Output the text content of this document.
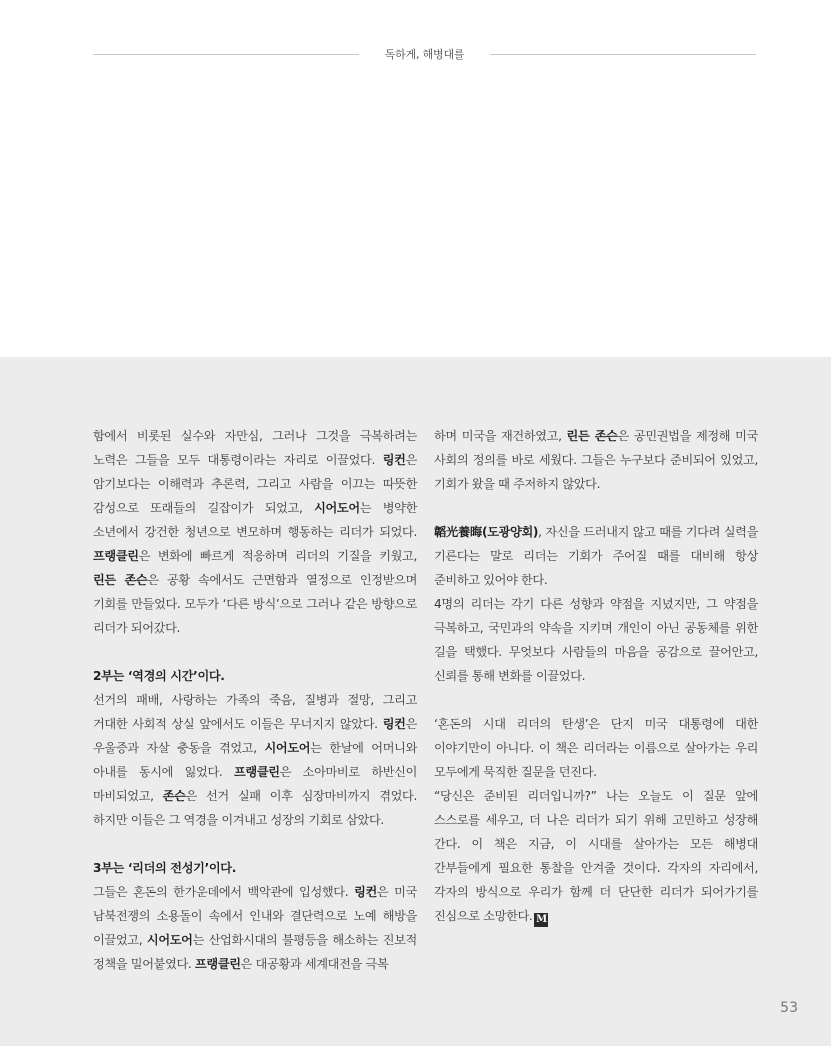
독하게, 해병대를

함에서 비롯된 실수와 자만심, 그러나 그것을 극복하려는 노력은 그들을 모두 대통령이라는 자리로 이끌었다. 링컨은 암기보다는 이해력과 추론력, 그리고 사람을 이끄는 따뜻한 감성으로 또래들의 길잡이가 되었고, 시어도어는 병약한 소년에서 강건한 청년으로 변모하며 행동하는 리더가 되었다. 프랭클린은 변화에 빠르게 적응하며 리더의 기질을 키웠고, 린든 존슨은 공황 속에서도 근면함과 열정으로 인정받으며 기회를 만들었다. 모두가 ‘다른 방식’으로 그러나 같은 방향으로 리더가 되어갔다.

2부는 ‘역경의 시간’이다.

선거의 패배, 사랑하는 가족의 죽음, 질병과 절망, 그리고 거대한 사회적 상실 앞에서도 이들은 무너지지 않았다. 링컨은 우울증과 자살 충동을 겪었고, 시어도어는 한날에 어머니와 아내를 동시에 잃었다. 프랭클린은 소아마비로 하반신이 마비되었고, 존슨은 선거 실패 이후 심장마비까지 겪었다. 하지만 이들은 그 역경을 이겨내고 성장의 기회로 삼았다.

3부는 ‘리더의 전성기’이다.

그들은 혼돈의 한가운데에서 백악관에 입성했다. 링컨은 미국 남북전쟁의 소용돌이 속에서 인내와 결단력으로 노예 해방을 이끌었고, 시어도어는 산업화시대의 불평등을 해소하는 진보적 정책을 밀어붙였다. 프랭클린은 대공황과 세계대전을 극복

하며 미국을 재건하였고, 린든 존슨은 공민권법을 제정해 미국 사회의 정의를 바로 세웠다. 그들은 누구보다 준비되어 있었고, 기회가 왔을 때 주저하지 않았다.

韜光養晦(도광양회), 자신을 드러내지 않고 때를 기다려 실력을 기른다는 말로 리더는 기회가 주어질 때를 대비해 항상 준비하고 있어야 한다.

4명의 리더는 각기 다른 성향과 약점을 지녔지만, 그 약점을 극복하고, 국민과의 약속을 지키며 개인이 아닌 공동체를 위한 길을 택했다. 무엇보다 사람들의 마음을 공감으로 끌어안고, 신뢰를 통해 변화를 이끌었다.

‘혼돈의 시대 리더의 탄생’은 단지 미국 대통령에 대한 이야기만이 아니다. 이 책은 리더라는 이름으로 살아가는 우리 모두에게 묵직한 질문을 던진다.

“당신은 준비된 리더입니까?” 나는 오늘도 이 질문 앞에 스스로를 세우고, 더 나은 리더가 되기 위해 고민하고 성장해 간다. 이 책은 지금, 이 시대를 살아가는 모든 해병대 간부들에게 필요한 통찰을 안겨줄 것이다. 각자의 자리에서, 각자의 방식으로 우리가 함께 더 단단한 리더가 되어가기를 진심으로 소망한다. M

53
